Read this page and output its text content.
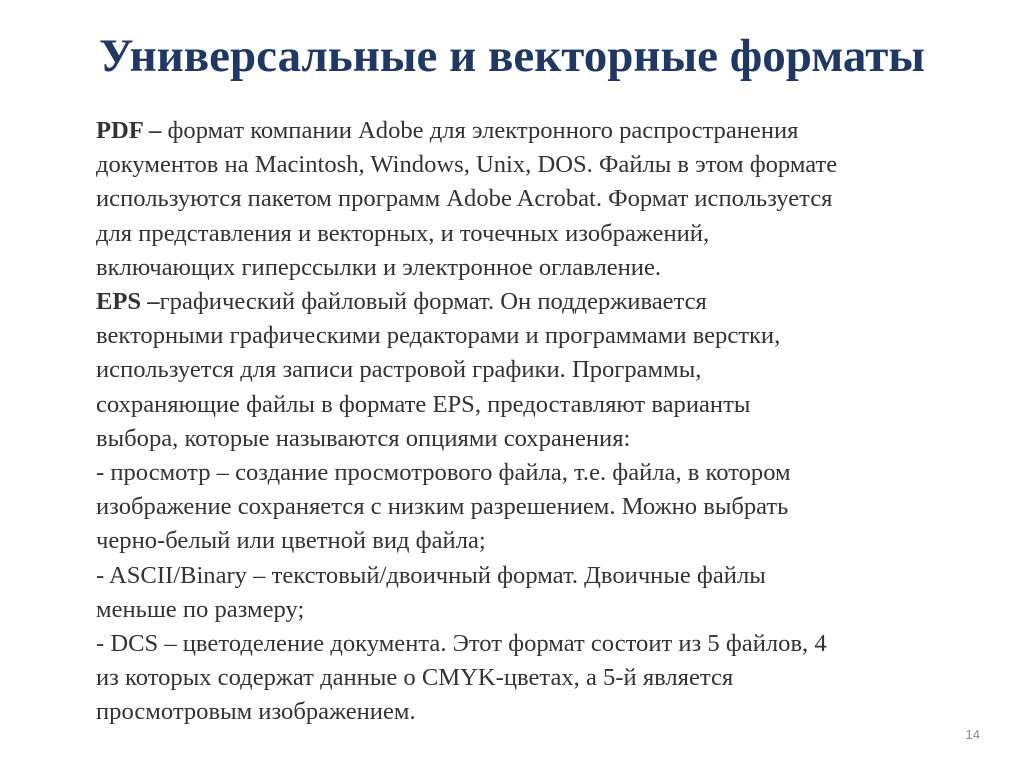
Универсальные и векторные форматы
PDF – формат компании Adobe для электронного распространения
документов на Macintosh, Windows, Unix, DOS. Файлы в этом формате
используются пакетом программ Adobe Acrobat. Формат используется
для представления и векторных, и точечных изображений,
включающих гиперссылки и электронное оглавление.
EPS –графический файловый формат. Он поддерживается
векторными графическими редакторами и программами верстки,
используется для записи растровой графики. Программы,
сохраняющие файлы в формате EPS, предоставляют варианты
выбора, которые называются опциями сохранения:
- просмотр – создание просмотрового файла, т.е. файла, в котором
изображение сохраняется с низким разрешением. Можно выбрать
черно-белый или цветной вид файла;
- ASCII/Binary – текстовый/двоичный формат. Двоичные файлы
меньше по размеру;
- DCS – цветоделение документа. Этот формат состоит из 5 файлов, 4
из которых содержат данные о CMYK-цветах, а 5-й является
просмотровым изображением.
14
